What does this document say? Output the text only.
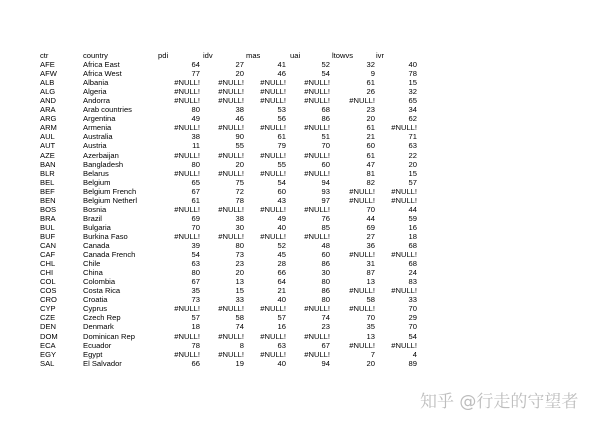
ctr	country	pdi	idv	mas	uai	ltowvs	ivr
AFE	Africa East	64	27	41	52	32	40
AFW	Africa West	77	20	46	54	9	78
ALB	Albania	#NULL!	#NULL!	#NULL!	#NULL!	61	15
ALG	Algeria	#NULL!	#NULL!	#NULL!	#NULL!	26	32
AND	Andorra	#NULL!	#NULL!	#NULL!	#NULL!	#NULL!	65
ARA	Arab countries	80	38	53	68	23	34
ARG	Argentina	49	46	56	86	20	62
ARM	Armenia	#NULL!	#NULL!	#NULL!	#NULL!	61	#NULL!
AUL	Australia	38	90	61	51	21	71
AUT	Austria	11	55	79	70	60	63
AZE	Azerbaijan	#NULL!	#NULL!	#NULL!	#NULL!	61	22
BAN	Bangladesh	80	20	55	60	47	20
BLR	Belarus	#NULL!	#NULL!	#NULL!	#NULL!	81	15
BEL	Belgium	65	75	54	94	82	57
BEF	Belgium French	67	72	60	93	#NULL!	#NULL!
BEN	Belgium Netherl	61	78	43	97	#NULL!	#NULL!
BOS	Bosnia	#NULL!	#NULL!	#NULL!	#NULL!	70	44
BRA	Brazil	69	38	49	76	44	59
BUL	Bulgaria	70	30	40	85	69	16
BUF	Burkina Faso	#NULL!	#NULL!	#NULL!	#NULL!	27	18
CAN	Canada	39	80	52	48	36	68
CAF	Canada French	54	73	45	60	#NULL!	#NULL!
CHL	Chile	63	23	28	86	31	68
CHI	China	80	20	66	30	87	24
COL	Colombia	67	13	64	80	13	83
COS	Costa Rica	35	15	21	86	#NULL!	#NULL!
CRO	Croatia	73	33	40	80	58	33
CYP	Cyprus	#NULL!	#NULL!	#NULL!	#NULL!	#NULL!	70
CZE	Czech Rep	57	58	57	74	70	29
DEN	Denmark	18	74	16	23	35	70
DOM	Dominican Rep	#NULL!	#NULL!	#NULL!	#NULL!	13	54
ECA	Ecuador	78	8	63	67	#NULL!	#NULL!
EGY	Egypt	#NULL!	#NULL!	#NULL!	#NULL!	7	4
SAL	El Salvador	66	19	40	94	20	89
知乎 @行走的守望者
